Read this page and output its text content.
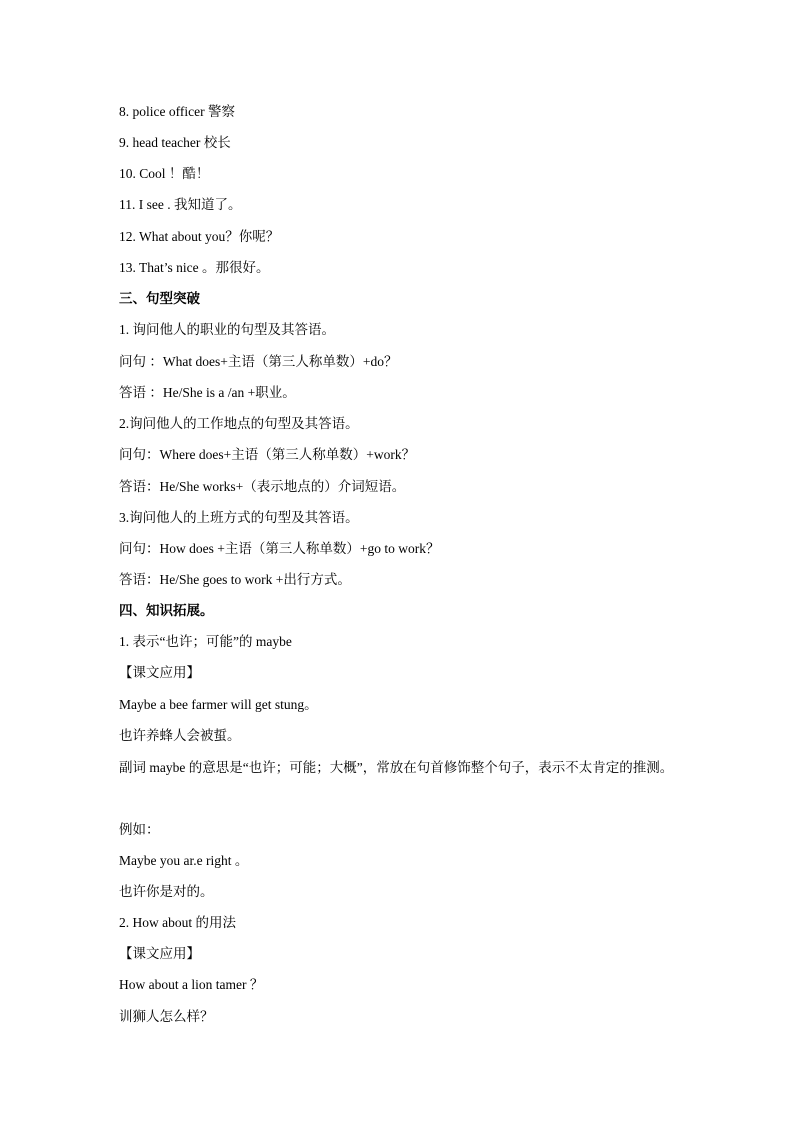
8. police officer 警察
9. head teacher 校长
10. Cool ！酷！
11. I see . 我知道了。
12. What about you？你呢？
13. That’s nice 。那很好。
三、句型突破
1. 询问他人的职业的句型及其答语。
问句 ：What does+主语（第三人称单数）+do？
答语 ：He/She is a /an +职业。
2.询问他人的工作地点的句型及其答语。
问句：Where does+主语（第三人称单数）+work？
答语：He/She works+（表示地点的）介词短语。
3.询问他人的上班方式的句型及其答语。
问句：How does +主语（第三人称单数）+go to work？
答语：He/She goes to work +出行方式。
四、知识拓展。
1. 表示“也许；可能”的 maybe
【课文应用】
Maybe a bee farmer will get stung。
也许养蜂人会被蜇。
副词 maybe 的意思是“也许；可能；大概”，常放在句首修饰整个句子，表示不太肯定的推测。
例如：
Maybe you ar.e right 。
也许你是对的。
2. How about 的用法
【课文应用】
How about a lion tamer ？
训狮人怎么样？
